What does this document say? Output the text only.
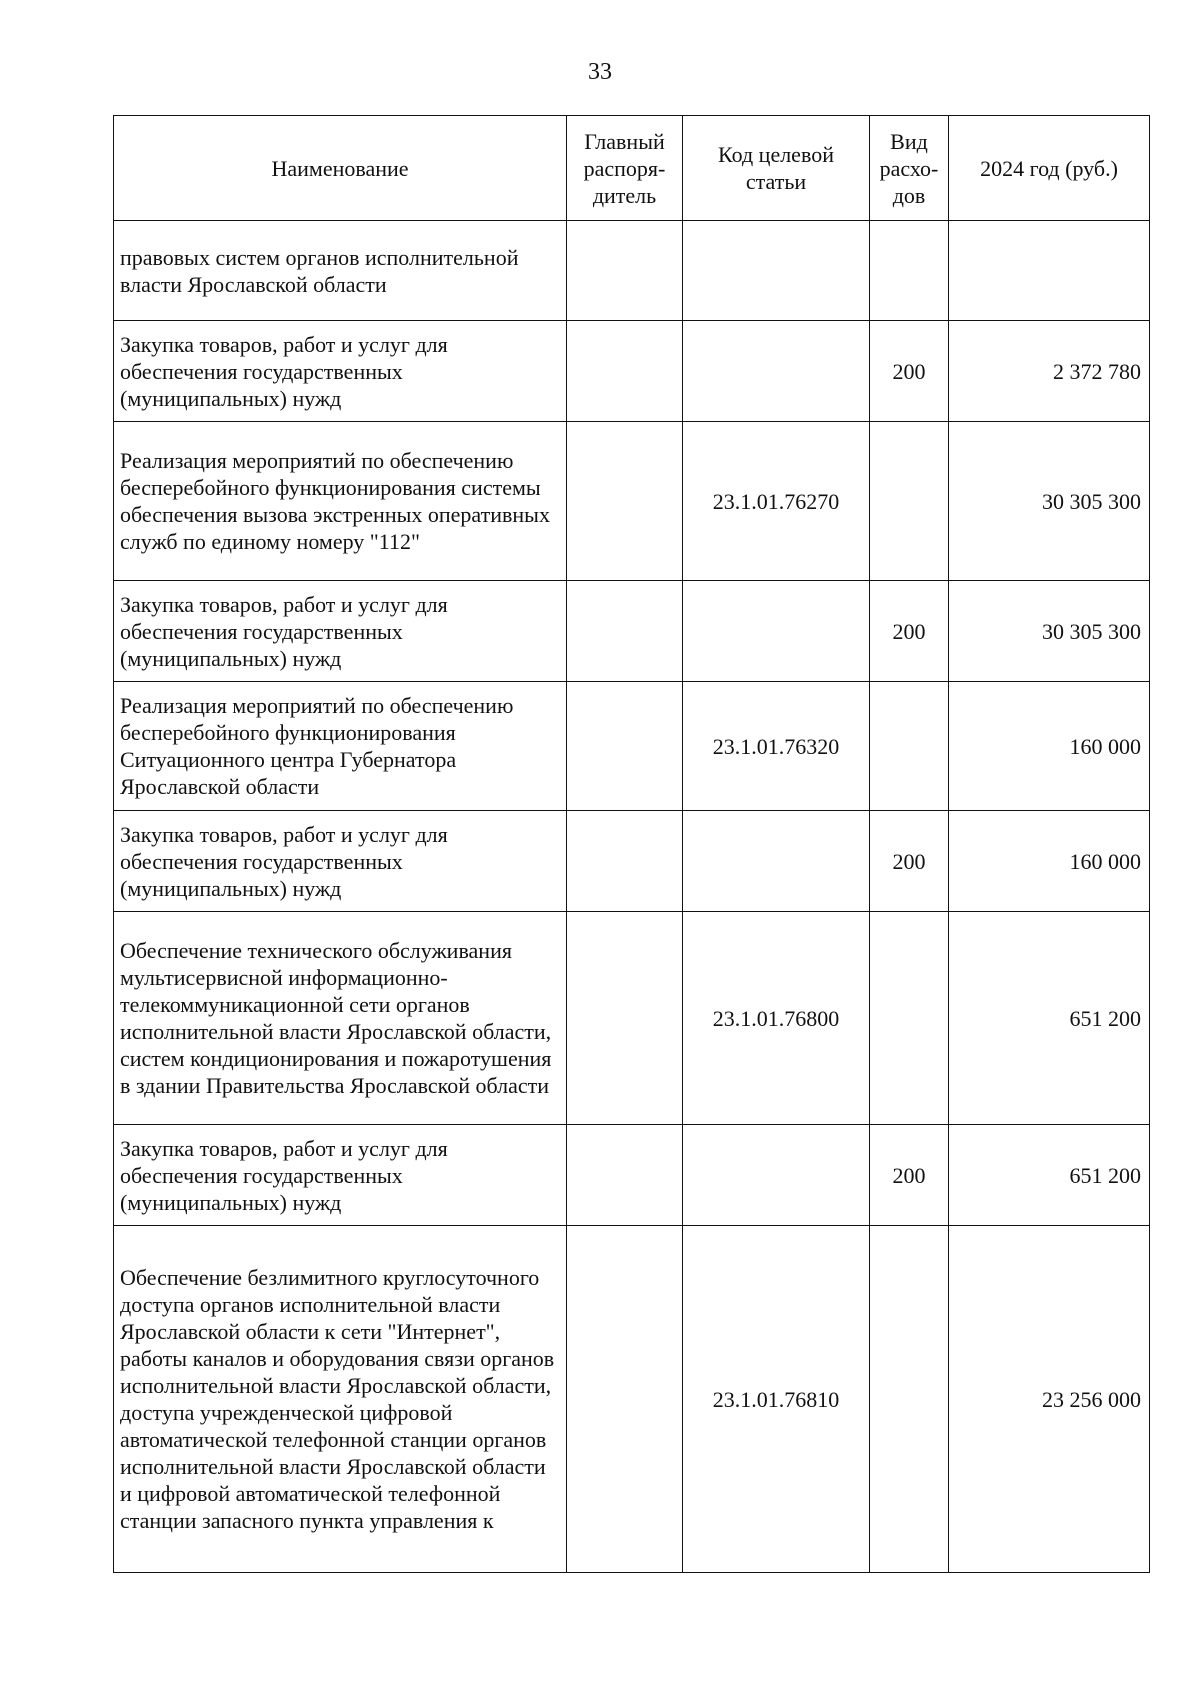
33
Наименование	Главный распоря-дитель	Код целевой статьи	Вид расхо-дов	2024 год (руб.)
правовых систем органов исполнительной власти Ярославской области				
Закупка товаров, работ и услуг для обеспечения государственных (муниципальных) нужд			200	2 372 780
Реализация мероприятий по обеспечению бесперебойного функционирования системы обеспечения вызова экстренных оперативных служб по единому номеру "112"		23.1.01.76270		30 305 300
Закупка товаров, работ и услуг для обеспечения государственных (муниципальных) нужд			200	30 305 300
Реализация мероприятий по обеспечению бесперебойного функционирования Ситуационного центра Губернатора Ярославской области		23.1.01.76320		160 000
Закупка товаров, работ и услуг для обеспечения государственных (муниципальных) нужд			200	160 000
Обеспечение технического обслуживания мультисервисной информационно-телекоммуникационной сети органов исполнительной власти Ярославской области, систем кондиционирования и пожаротушения в здании Правительства Ярославской области		23.1.01.76800		651 200
Закупка товаров, работ и услуг для обеспечения государственных (муниципальных) нужд			200	651 200
Обеспечение безлимитного круглосуточного доступа органов исполнительной власти Ярославской области к сети "Интернет", работы каналов и оборудования связи органов исполнительной власти Ярославской области, доступа учрежденческой цифровой автоматической телефонной станции органов исполнительной власти Ярославской области и цифровой автоматической телефонной станции запасного пункта управления к		23.1.01.76810		23 256 000
